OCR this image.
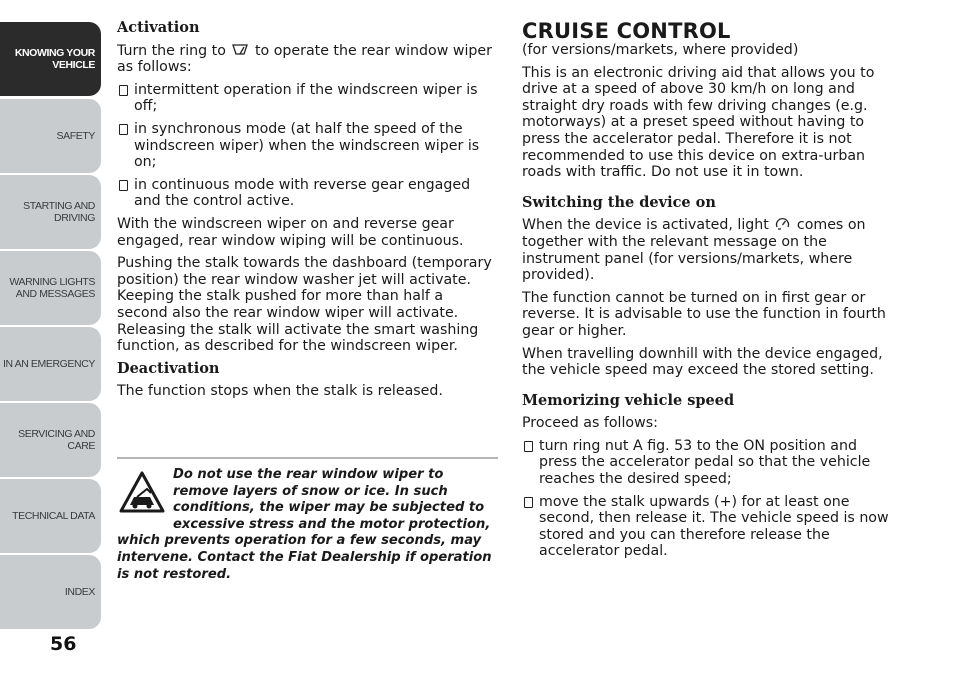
KNOWING YOUR
VEHICLE
SAFETY
STARTING AND
DRIVING
WARNING LIGHTS
AND MESSAGES
IN AN EMERGENCY
SERVICING AND
CARE
TECHNICAL DATA
INDEX
56
Activation

Turn the ring to to operate the rear window wiper as follows:

intermittent operation if the windscreen wiper is off;
in synchronous mode (at half the speed of the windscreen wiper) when the windscreen wiper is on;
in continuous mode with reverse gear engaged and the control active.

With the windscreen wiper on and reverse gear engaged, rear window wiping will be continuous.

Pushing the stalk towards the dashboard (temporary position) the rear window washer jet will activate. Keeping the stalk pushed for more than half a second also the rear window wiper will activate. Releasing the stalk will activate the smart washing function, as described for the windscreen wiper.

Deactivation

The function stops when the stalk is released.

Do not use the rear window wiper to remove layers of snow or ice. In such conditions, the wiper may be subjected to excessive stress and the motor protection, which prevents operation for a few seconds, may intervene. Contact the Fiat Dealership if operation is not restored.
CRUISE CONTROL

(for versions/markets, where provided)

This is an electronic driving aid that allows you to drive at a speed of above 30 km/h on long and straight dry roads with few driving changes (e.g. motorways) at a preset speed without having to press the accelerator pedal. Therefore it is not recommended to use this device on extra-urban roads with traffic. Do not use it in town.

Switching the device on

When the device is activated, light comes on together with the relevant message on the instrument panel (for versions/markets, where provided).

The function cannot be turned on in first gear or reverse. It is advisable to use the function in fourth gear or higher.

When travelling downhill with the device engaged, the vehicle speed may exceed the stored setting.

Memorizing vehicle speed

Proceed as follows:

turn ring nut A fig. 53 to the ON position and press the accelerator pedal so that the vehicle reaches the desired speed;
move the stalk upwards (+) for at least one second, then release it. The vehicle speed is now stored and you can therefore release the accelerator pedal.
